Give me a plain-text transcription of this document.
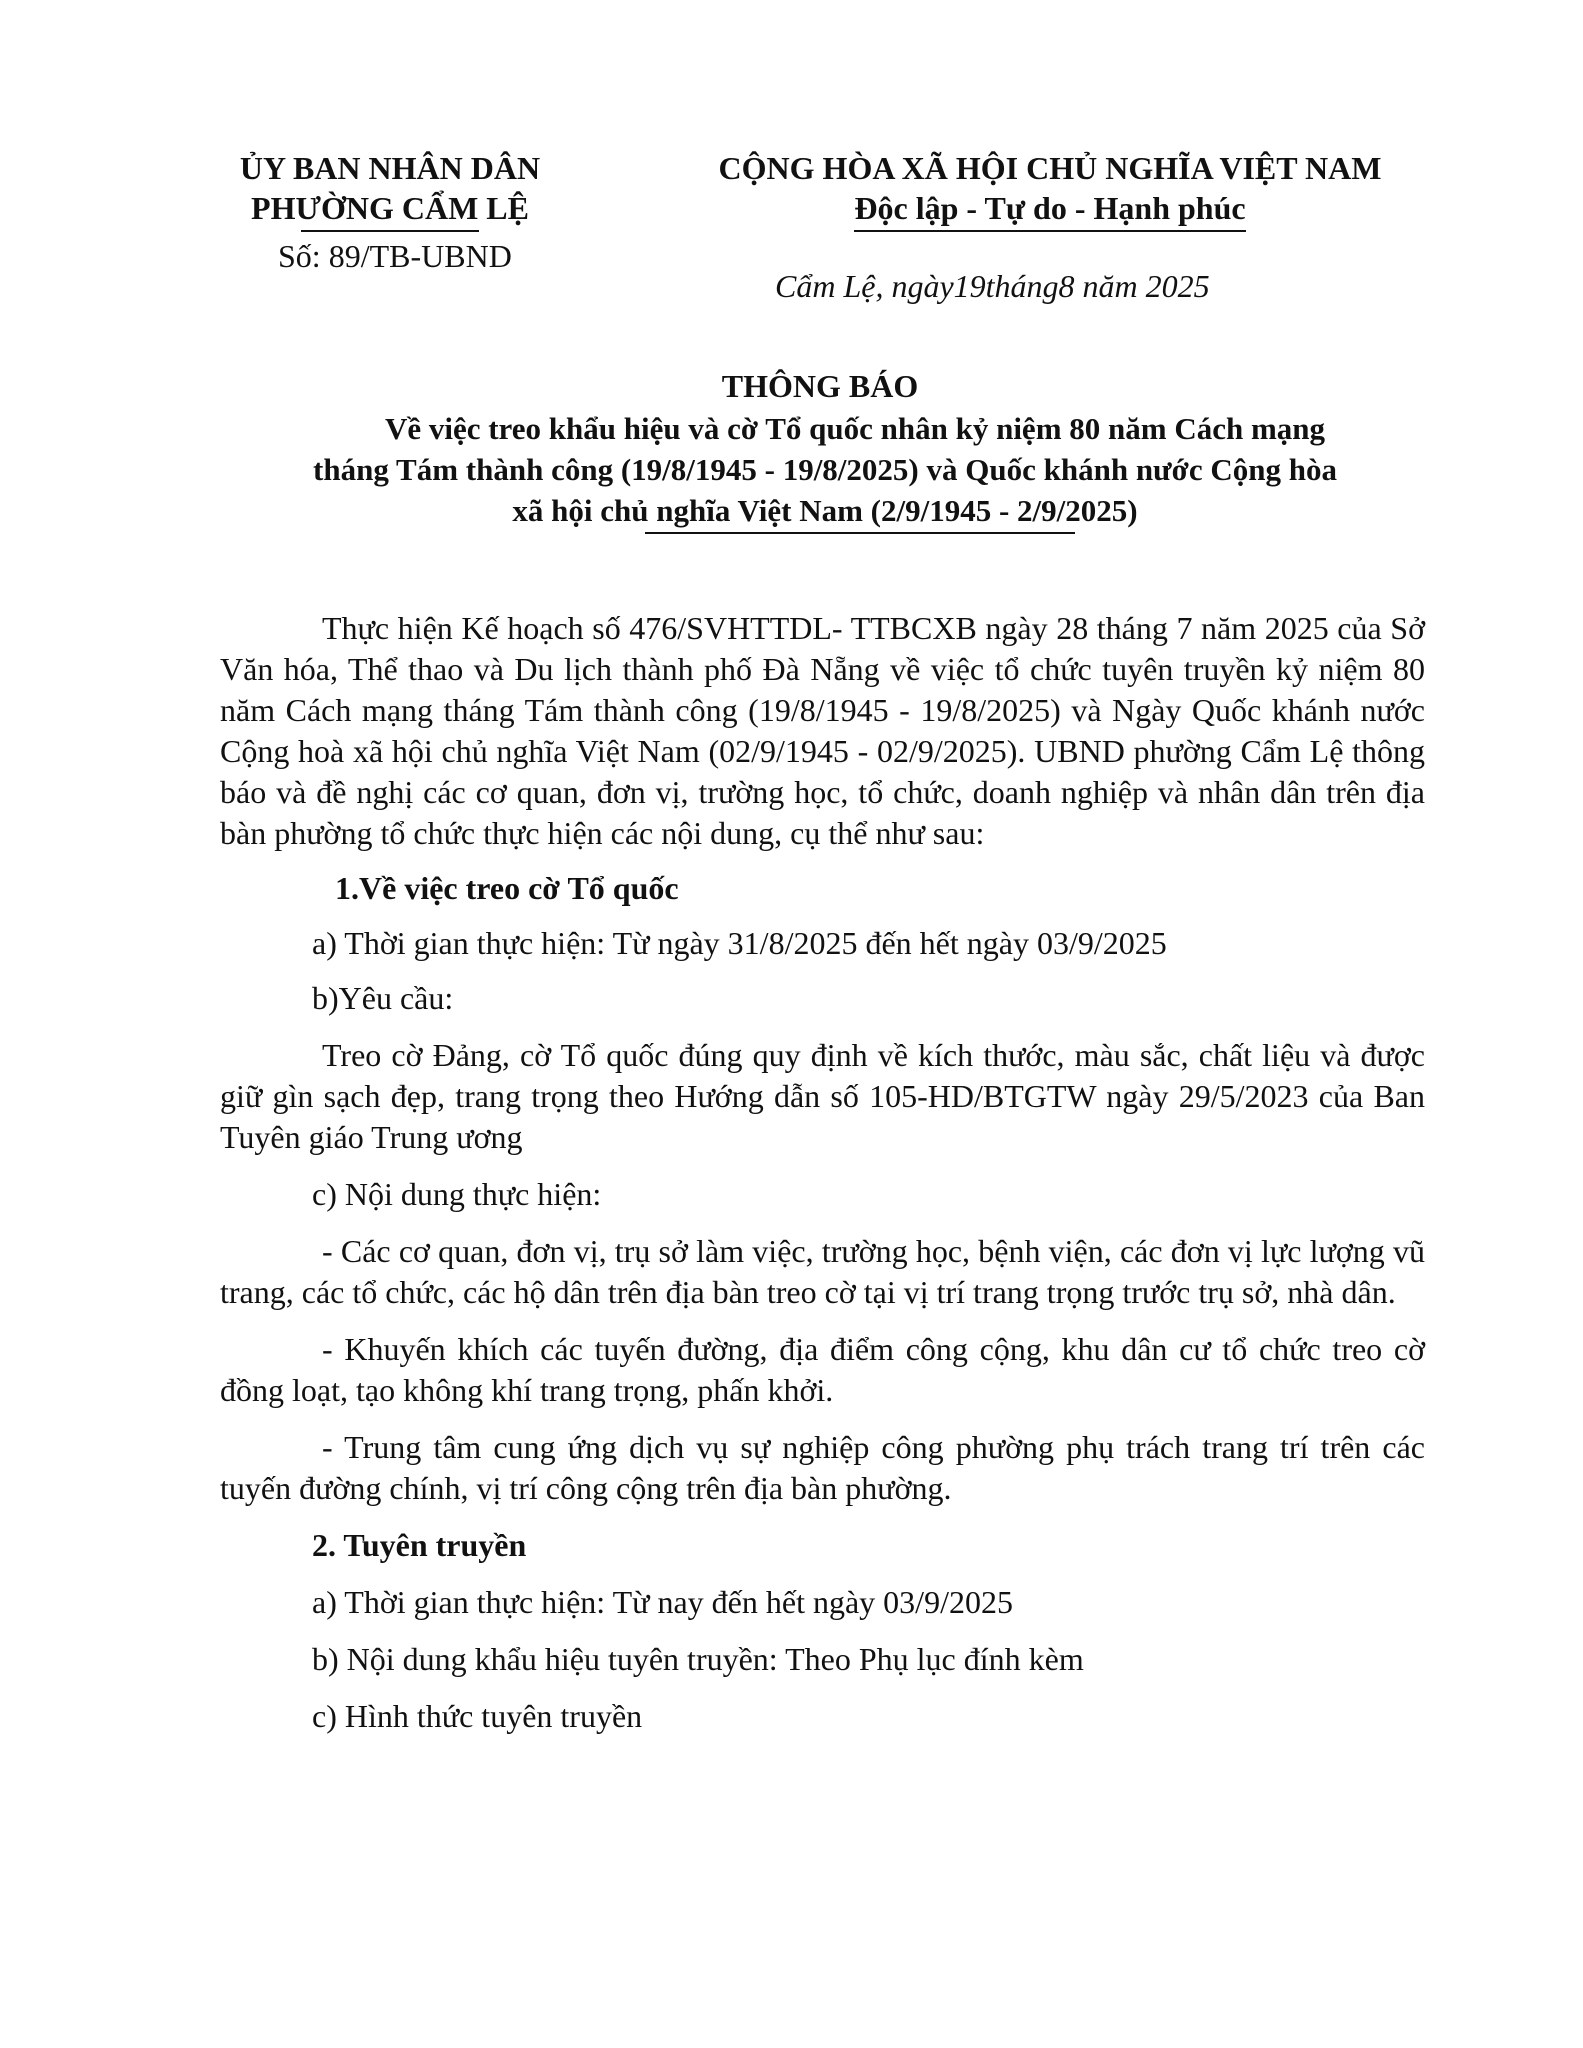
ỦY BAN NHÂN DÂN
PHƯỜNG CẨM LỆ
Số: 89/TB-UBND
CỘNG HÒA XÃ HỘI CHỦ NGHĨA VIỆT NAM
Độc lập - Tự do - Hạnh phúc
Cẩm Lệ, ngày19tháng8 năm 2025
THÔNG BÁO
Về việc treo khẩu hiệu và cờ Tổ quốc nhân kỷ niệm 80 năm Cách mạng
tháng Tám thành công (19/8/1945 - 19/8/2025) và Quốc khánh nước Cộng hòa
xã hội chủ nghĩa Việt Nam (2/9/1945 - 2/9/2025)

Thực hiện Kế hoạch số 476/SVHTTDL- TTBCXB ngày 28 tháng 7 năm 2025 của Sở Văn hóa, Thể thao và Du lịch thành phố Đà Nẵng về việc tổ chức tuyên truyền kỷ niệm 80 năm Cách mạng tháng Tám thành công (19/8/1945 - 19/8/2025) và Ngày Quốc khánh nước Cộng hoà xã hội chủ nghĩa Việt Nam (02/9/1945 - 02/9/2025). UBND phường Cẩm Lệ thông báo và đề nghị các cơ quan, đơn vị, trường học, tổ chức, doanh nghiệp và nhân dân trên địa bàn phường tổ chức thực hiện các nội dung, cụ thể như sau:

1.Về việc treo cờ Tổ quốc

a) Thời gian thực hiện: Từ ngày 31/8/2025 đến hết ngày 03/9/2025

b)Yêu cầu:

Treo cờ Đảng, cờ Tổ quốc đúng quy định về kích thước, màu sắc, chất liệu và được giữ gìn sạch đẹp, trang trọng theo Hướng dẫn số 105-HD/BTGTW ngày 29/5/2023 của Ban Tuyên giáo Trung ương

c) Nội dung thực hiện:

- Các cơ quan, đơn vị, trụ sở làm việc, trường học, bệnh viện, các đơn vị lực lượng vũ trang, các tổ chức, các hộ dân trên địa bàn treo cờ tại vị trí trang trọng trước trụ sở, nhà dân.

- Khuyến khích các tuyến đường, địa điểm công cộng, khu dân cư tổ chức treo cờ đồng loạt, tạo không khí trang trọng, phấn khởi.

- Trung tâm cung ứng dịch vụ sự nghiệp công phường phụ trách trang trí trên các tuyến đường chính, vị trí công cộng trên địa bàn phường.

2. Tuyên truyền

a) Thời gian thực hiện: Từ nay đến hết ngày 03/9/2025

b) Nội dung khẩu hiệu tuyên truyền: Theo Phụ lục đính kèm

c) Hình thức tuyên truyền
